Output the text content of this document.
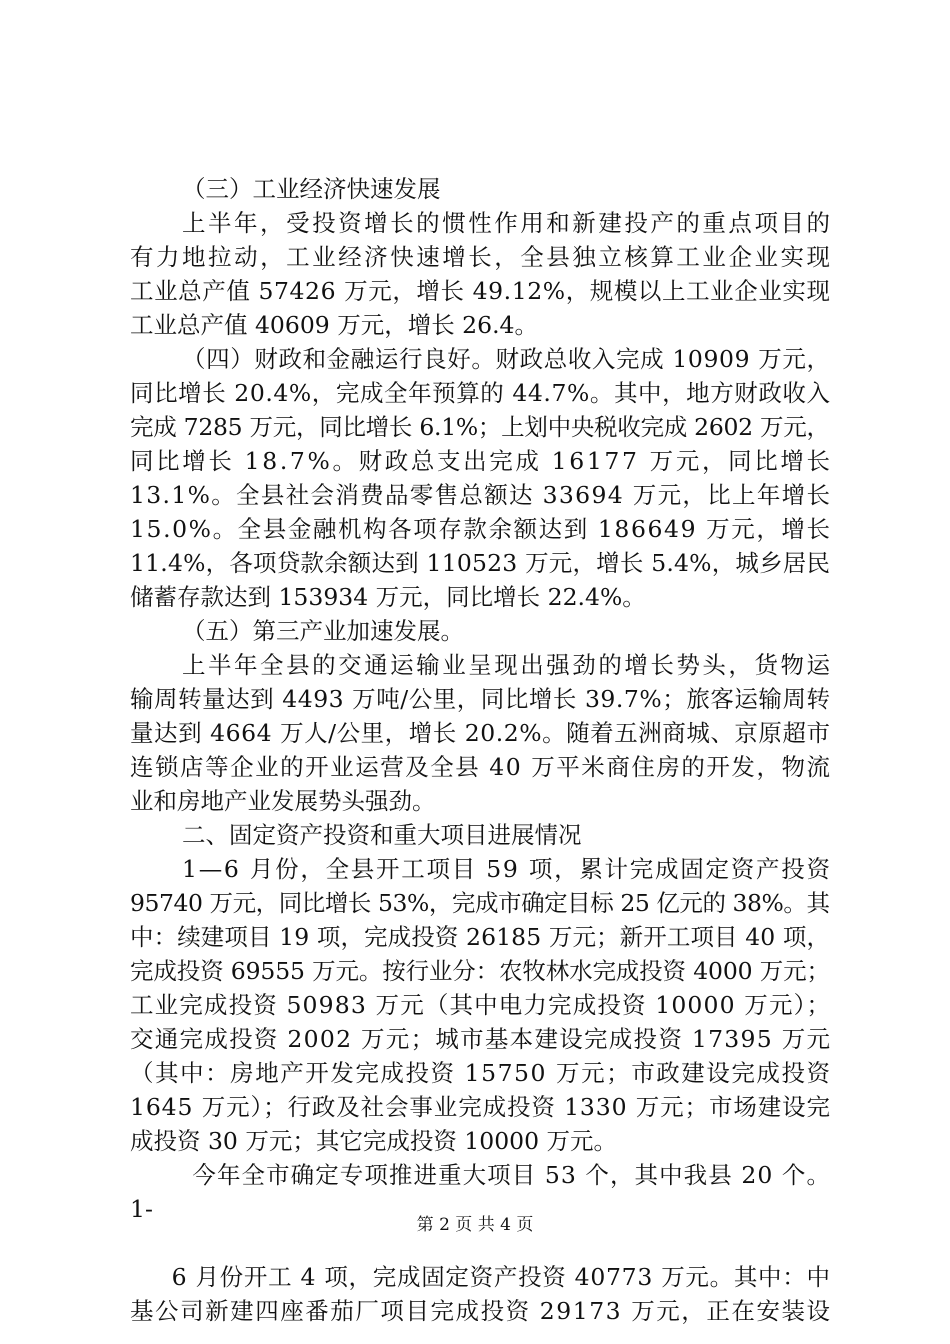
（三）工业经济快速发展
上半年，受投资增长的惯性作用和新建投产的重点项目的
有力地拉动，工业经济快速增长，全县独立核算工业企业实现
工业总产值 57426 万元，增长 49.12%，规模以上工业企业实现
工业总产值 40609 万元，增长 26.4。
（四）财政和金融运行良好。财政总收入完成 10909 万元，
同比增长 20.4%，完成全年预算的 44.7%。其中，地方财政收入
完成 7285 万元，同比增长 6.1%；上划中央税收完成 2602 万元，
同比增长 18.7%。财政总支出完成 16177 万元，同比增长
13.1%。全县社会消费品零售总额达 33694 万元，比上年增长
15.0%。全县金融机构各项存款余额达到 186649 万元，增长
11.4%，各项贷款余额达到 110523 万元，增长 5.4%，城乡居民
储蓄存款达到 153934 万元，同比增长 22.4%。
（五）第三产业加速发展。
上半年全县的交通运输业呈现出强劲的增长势头，货物运
输周转量达到 4493 万吨/公里，同比增长 39.7%；旅客运输周转
量达到 4664 万人/公里，增长 20.2%。随着五洲商城、京原超市
连锁店等企业的开业运营及全县 40 万平米商住房的开发，物流
业和房地产业发展势头强劲。
二、固定资产投资和重大项目进展情况
1—6 月份，全县开工项目 59 项，累计完成固定资产投资
95740 万元，同比增长 53%，完成市确定目标 25 亿元的 38%。其
中：续建项目 19 项，完成投资 26185 万元；新开工项目 40 项，
完成投资 69555 万元。按行业分：农牧林水完成投资 4000 万元；
工业完成投资 50983 万元（其中电力完成投资 10000 万元）；
交通完成投资 2002 万元；城市基本建设完成投资 17395 万元
（其中：房地产开发完成投资 15750 万元；市政建设完成投资
1645 万元）；行政及社会事业完成投资 1330 万元；市场建设完
成投资 30 万元；其它完成投资 10000 万元。
今年全市确定专项推进重大项目 53 个，其中我县 20 个。
1-
6 月份开工 4 项，完成固定资产投资 40773 万元。其中：中
基公司新建四座番茄厂项目完成投资 29173 万元，正在安装设
第 2 页 共 4 页
